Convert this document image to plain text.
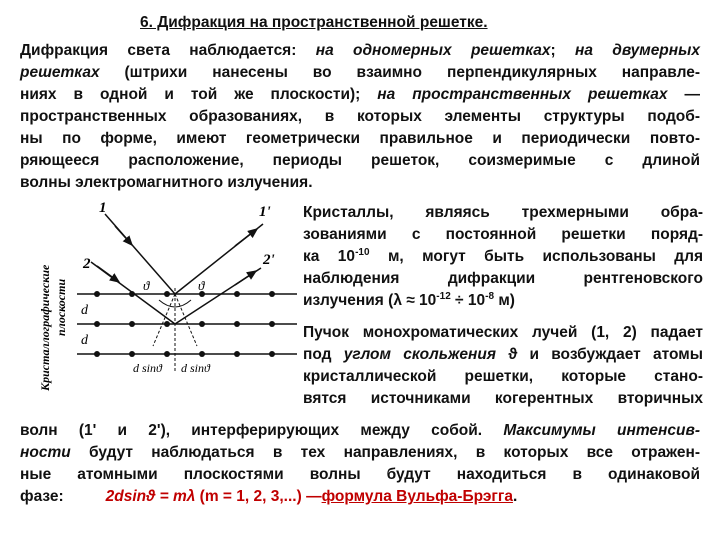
6. Дифракция на пространственной решетке.
Дифракция света наблюдается: на одномерных решетках; на двумерных
решетках (штрихи нанесены во взаимно перпендикулярных направле-
ниях в одной и той же плоскости); на пространственных решетках —
пространственных образованиях, в которых элементы структуры подоб-
ны по форме, имеют геометрически правильное и периодически повто-
ряющееся расположение, периоды решеток, соизмеримые с длиной
волны электромагнитного излучения.
Кристаллографические плоскости
1
2
1'
2'
ϑ	ϑ
d
d
d sinϑ d sinϑ
Кристаллы, являясь трехмерными обра-
зованиями с постоянной решетки поряд-
ка $10^{-10}$ м, могут быть использованы для
наблюдения дифракции рентгеновского
излучения ($\lambda \approx 10^{-12} \div 10^{-8}$ м)
Пучок монохроматических лучей (1, 2) падает
под углом скольжения ϑ и возбуждает атомы
кристаллической решетки, которые стано-
вятся источниками когерентных вторичных
волн (1' и 2'), интерферирующих между собой. Максимумы интенсив-
ности будут наблюдаться в тех направлениях, в которых все отражен-
ные атомными плоскостями волны будут находиться в одинаковой
фазе:	2dsinϑ = mλ (m = 1, 2, 3,...) —формула Вульфа-Брэгга.
